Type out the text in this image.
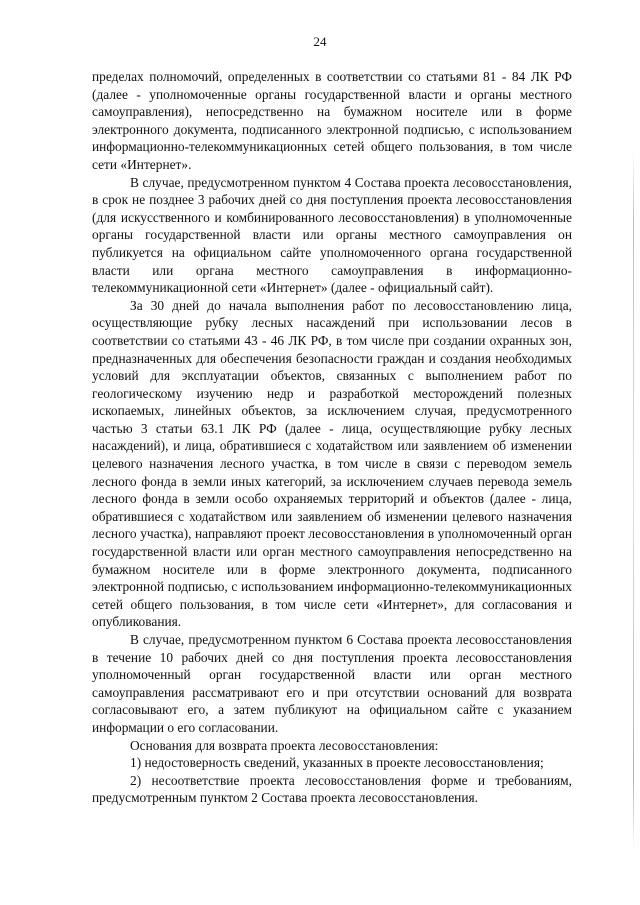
24

пределах полномочий, определенных в соответствии со статьями 81 - 84 ЛК РФ (далее - уполномоченные органы государственной власти и органы местного самоуправления), непосредственно на бумажном носителе или в форме электронного документа, подписанного электронной подписью, с использованием информационно-телекоммуникационных сетей общего пользования, в том числе сети «Интернет».

В случае, предусмотренном пунктом 4 Состава проекта лесовосстановления, в срок не позднее 3 рабочих дней со дня поступления проекта лесовосстановления (для искусственного и комбинированного лесовосстановления) в уполномоченные органы государственной власти или органы местного самоуправления он публикуется на официальном сайте уполномоченного органа государственной власти или органа местного самоуправления в информационно-телекоммуникационной сети «Интернет» (далее - официальный сайт).

За 30 дней до начала выполнения работ по лесовосстановлению лица, осуществляющие рубку лесных насаждений при использовании лесов в соответствии со статьями 43 - 46 ЛК РФ, в том числе при создании охранных зон, предназначенных для обеспечения безопасности граждан и создания необходимых условий для эксплуатации объектов, связанных с выполнением работ по геологическому изучению недр и разработкой месторождений полезных ископаемых, линейных объектов, за исключением случая, предусмотренного частью 3 статьи 63.1 ЛК РФ (далее - лица, осуществляющие рубку лесных насаждений), и лица, обратившиеся с ходатайством или заявлением об изменении целевого назначения лесного участка, в том числе в связи с переводом земель лесного фонда в земли иных категорий, за исключением случаев перевода земель лесного фонда в земли особо охраняемых территорий и объектов (далее - лица, обратившиеся с ходатайством или заявлением об изменении целевого назначения лесного участка), направляют проект лесовосстановления в уполномоченный орган государственной власти или орган местного самоуправления непосредственно на бумажном носителе или в форме электронного документа, подписанного электронной подписью, с использованием информационно-телекоммуникационных сетей общего пользования, в том числе сети «Интернет», для согласования и опубликования.

В случае, предусмотренном пунктом 6 Состава проекта лесовосстановления в течение 10 рабочих дней со дня поступления проекта лесовосстановления уполномоченный орган государственной власти или орган местного самоуправления рассматривают его и при отсутствии оснований для возврата согласовывают его, а затем публикуют на официальном сайте с указанием информации о его согласовании.

Основания для возврата проекта лесовосстановления:

1) недостоверность сведений, указанных в проекте лесовосстановления;

2) несоответствие проекта лесовосстановления форме и требованиям, предусмотренным пунктом 2 Состава проекта лесовосстановления.
